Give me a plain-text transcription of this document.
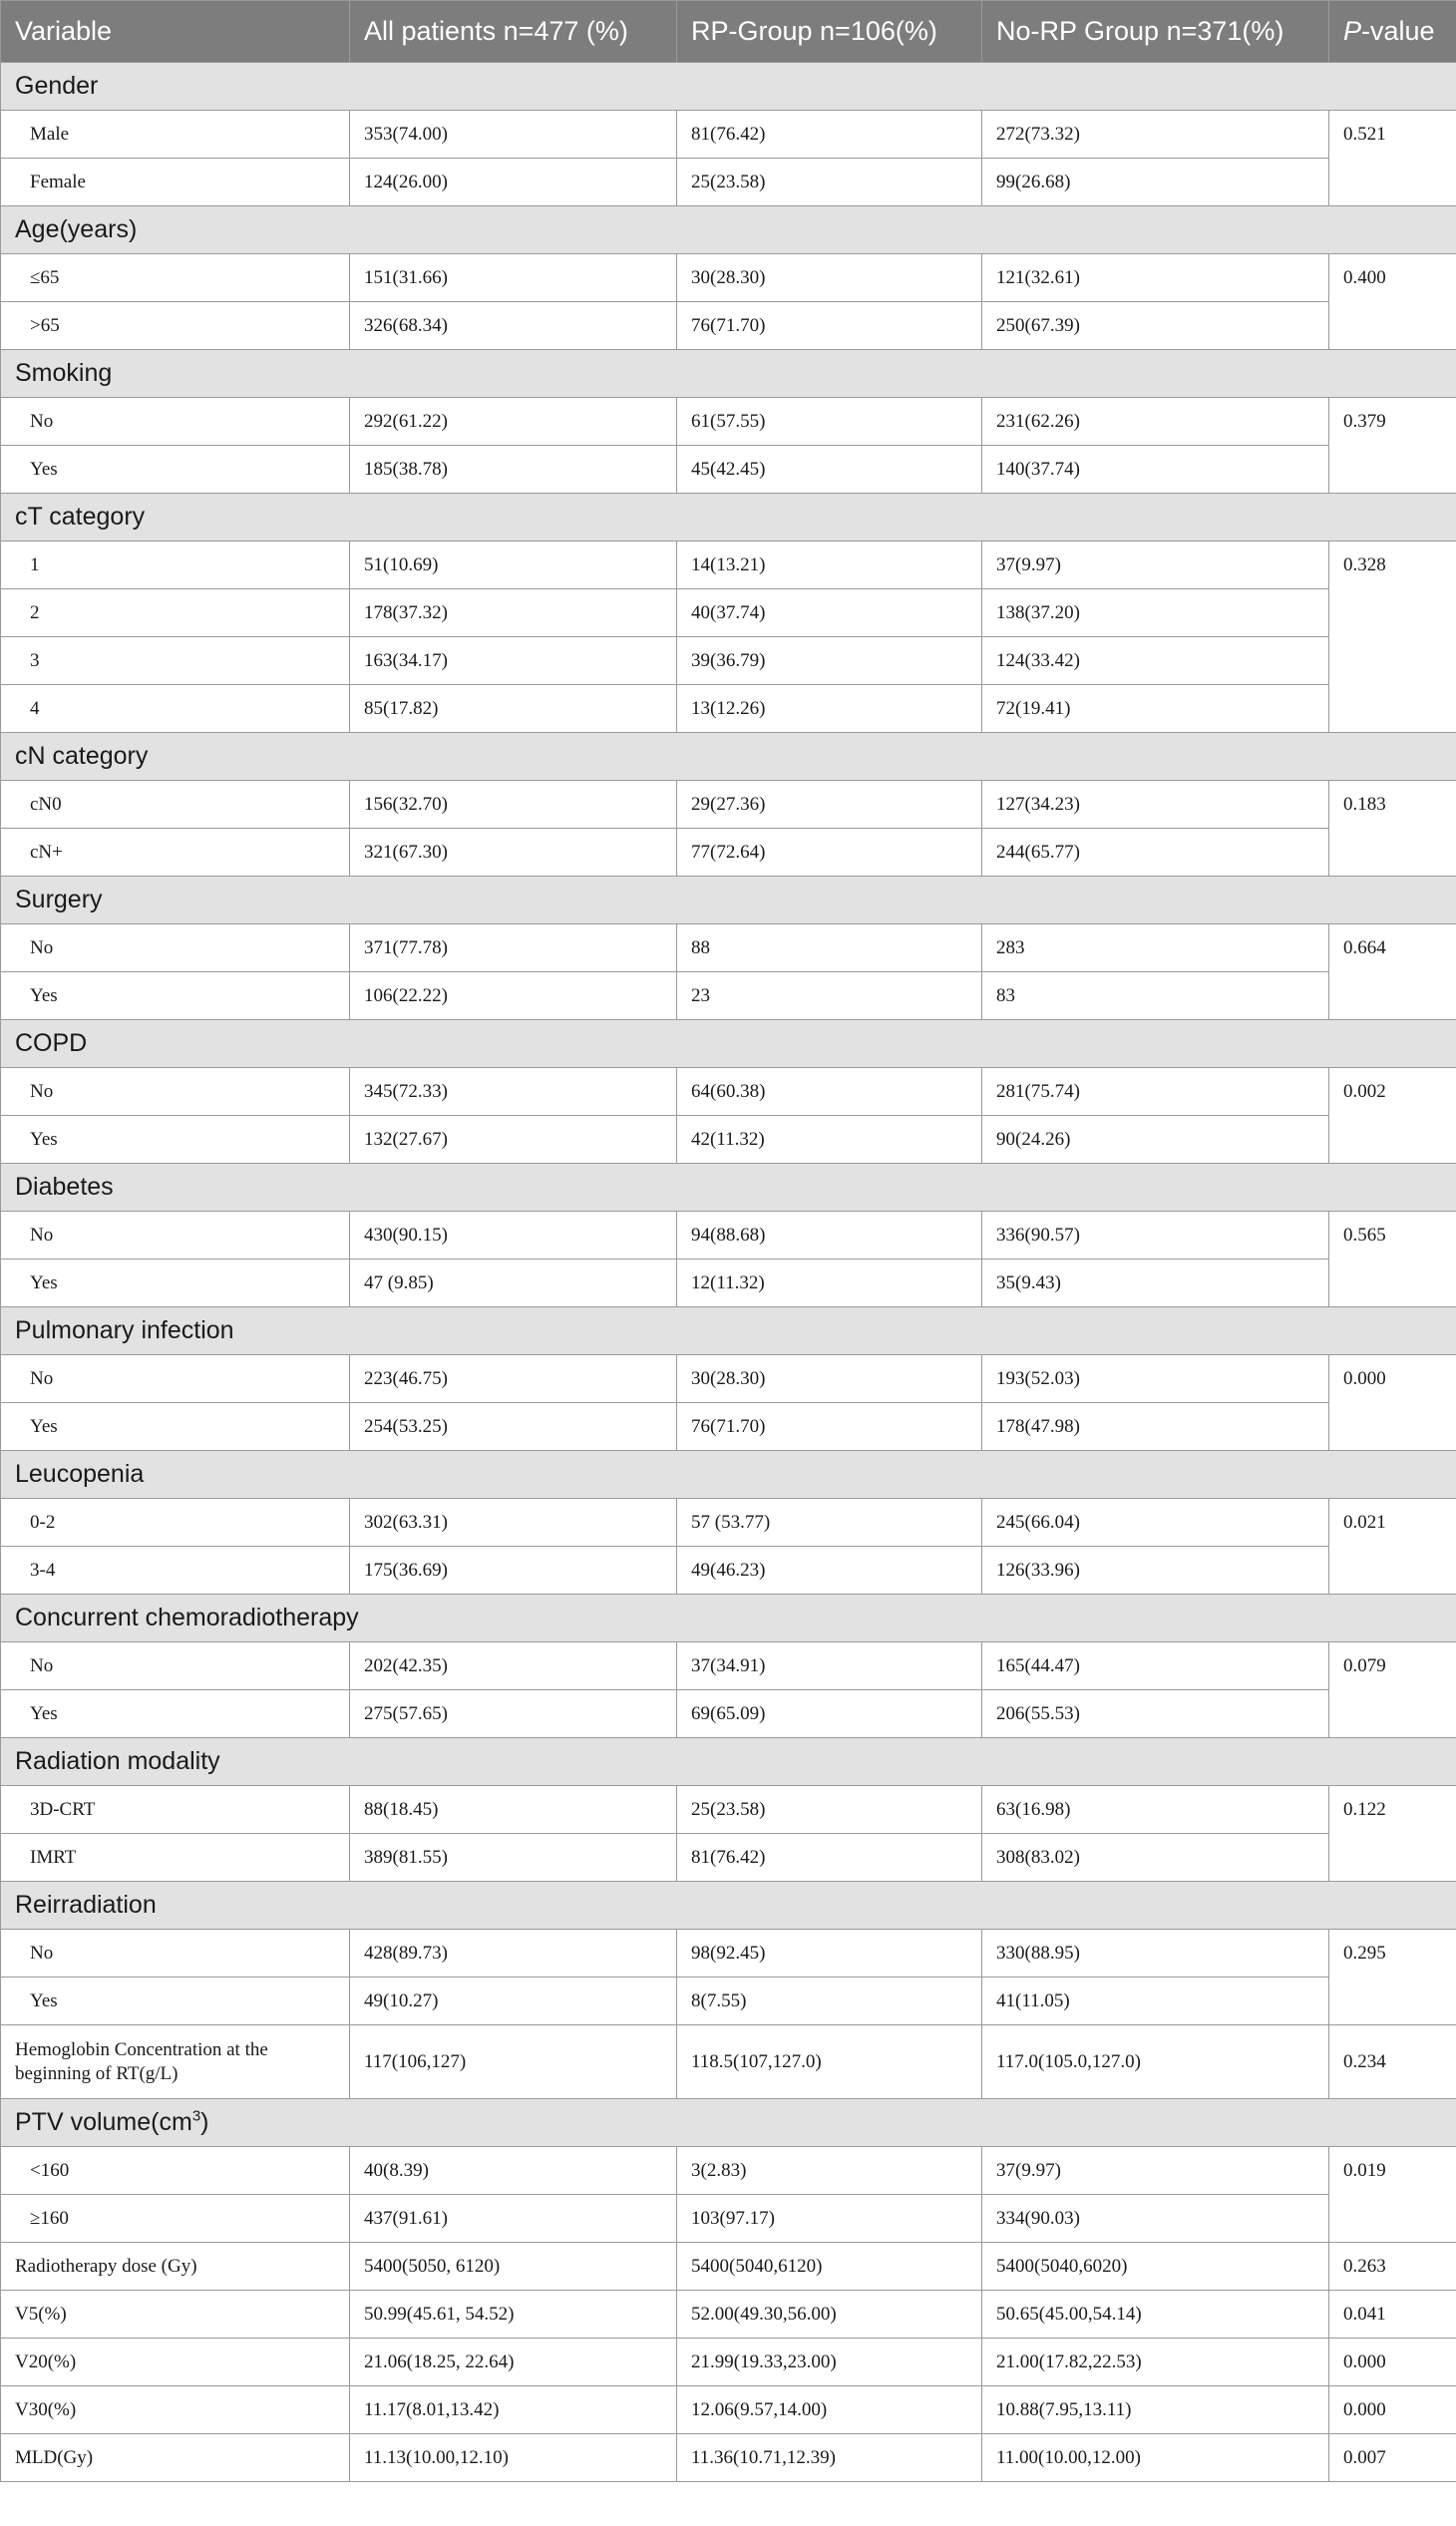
Variable	All patients n=477 (%)	RP-Group n=106(%)	No-RP Group n=371(%)	P-value
Gender				
Male	353(74.00)	81(76.42)	272(73.32)	0.521
Female	124(26.00)	25(23.58)	99(26.68)	
Age(years)				
≤65	151(31.66)	30(28.30)	121(32.61)	0.400
>65	326(68.34)	76(71.70)	250(67.39)	
Smoking				
No	292(61.22)	61(57.55)	231(62.26)	0.379
Yes	185(38.78)	45(42.45)	140(37.74)	
cT category				
1	51(10.69)	14(13.21)	37(9.97)	0.328
2	178(37.32)	40(37.74)	138(37.20)	
3	163(34.17)	39(36.79)	124(33.42)	
4	85(17.82)	13(12.26)	72(19.41)	
cN category				
cN0	156(32.70)	29(27.36)	127(34.23)	0.183
cN+	321(67.30)	77(72.64)	244(65.77)	
Surgery				
No	371(77.78)	88	283	0.664
Yes	106(22.22)	23	83	
COPD				
No	345(72.33)	64(60.38)	281(75.74)	0.002
Yes	132(27.67)	42(11.32)	90(24.26)	
Diabetes				
No	430(90.15)	94(88.68)	336(90.57)	0.565
Yes	47 (9.85)	12(11.32)	35(9.43)	
Pulmonary infection				
No	223(46.75)	30(28.30)	193(52.03)	0.000
Yes	254(53.25)	76(71.70)	178(47.98)	
Leucopenia				
0-2	302(63.31)	57 (53.77)	245(66.04)	0.021
3-4	175(36.69)	49(46.23)	126(33.96)	
Concurrent chemoradiotherapy				
No	202(42.35)	37(34.91)	165(44.47)	0.079
Yes	275(57.65)	69(65.09)	206(55.53)	
Radiation modality				
3D-CRT	88(18.45)	25(23.58)	63(16.98)	0.122
IMRT	389(81.55)	81(76.42)	308(83.02)	
Reirradiation				
No	428(89.73)	98(92.45)	330(88.95)	0.295
Yes	49(10.27)	8(7.55)	41(11.05)	
Hemoglobin Concentration at the beginning of RT(g/L)	117(106,127)	118.5(107,127.0)	117.0(105.0,127.0)	0.234
PTV $volume(cm^3)$				
<160	40(8.39)	3(2.83)	37(9.97)	0.019
≥160	437(91.61)	103(97.17)	334(90.03)	
Radiotherapy dose (Gy)	5400(5050, 6120)	5400(5040,6120)	5400(5040,6020)	0.263
V5(%)	50.99(45.61, 54.52)	52.00(49.30,56.00)	50.65(45.00,54.14)	0.041
V20(%)	21.06(18.25, 22.64)	21.99(19.33,23.00)	21.00(17.82,22.53)	0.000
V30(%)	11.17(8.01,13.42)	12.06(9.57,14.00)	10.88(7.95,13.11)	0.000
MLD(Gy)	11.13(10.00,12.10)	11.36(10.71,12.39)	11.00(10.00,12.00)	0.007
